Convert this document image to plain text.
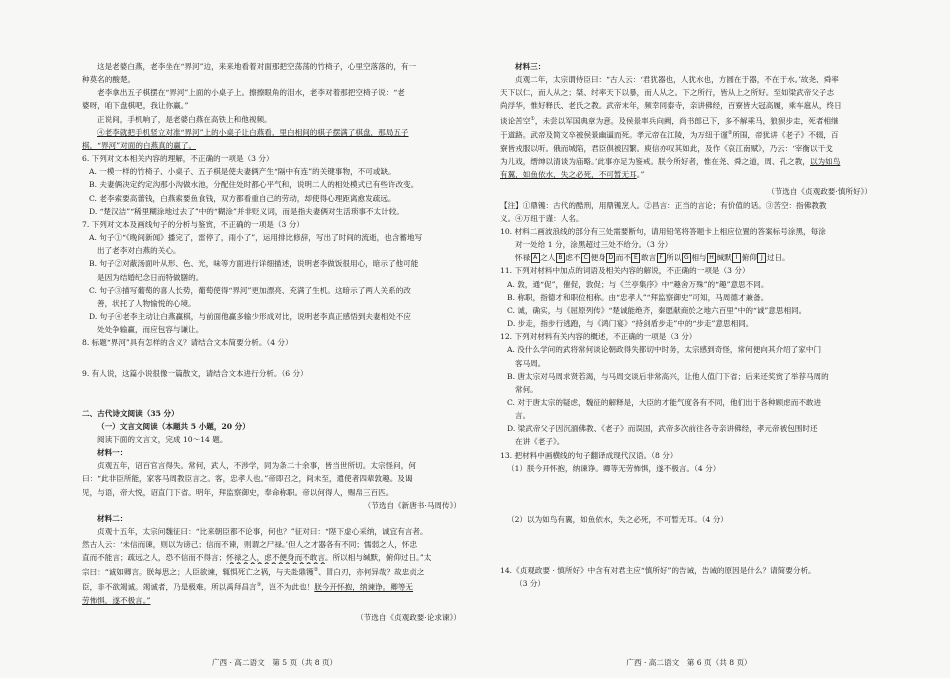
这是老婆白燕，老李坐在“界河”边，来来地看着对面那把空荡荡的竹椅子，心里空落落的，有一

种莫名的酸楚。

老李拿出五子棋摆在“界河”上面的小桌子上。擦擦眼角的泪水，老李对着那把空椅子说：“老

婆呀，咱下盘棋吧，我让你赢。”

正说间，手机响了，是老婆白燕在高铁上和他视频。

④老李就把手机竖立对准“界河”上的小桌子让白燕看，里白相间的棋子摆满了棋盘，那局五子

棋，“界河”对面的白燕真的赢了。

6. 下列对文本相关内容的理解，不正确的一项是（3 分）

A. 一模一样的竹椅子、小桌子、五子棋是使夫妻俩产生“隔中有连”的关键事物，不可或缺。

B. 夫妻俩决定约定沟那小沟做水池，分配住处时都心平气和，说明二人的相处模式已有些许改变。

C. 老李索要高蕾钱，白燕索要鱼食钱，双方都看重自己的劳动，却使得心理距离愈发疏远。

D. “楚汉洁”“稀里糊涂地过去了”中的“糊涂”并非贬义词，而是指夫妻俩对生活琐事不太计较。

7. 下列对文本及画线句子的分析与鉴赏，不正确的一项是（3 分）

A. 句子①“《晚间新闻》播完了，雷停了，雨小了”，运用排比修辞，写出了时间的流逝，也含蓄地写

出了老李对白燕的关心。

B. 句子②对蔽汤面叶从形、色、光，味等方面进行详细描述，说明老李做饭很用心，暗示了他可能

是因为结婚纪念日而特做膳的。

C. 句子③描写葡萄的喜人长势，葡萄使得“界河”更加漂亮、充满了生机。这暗示了两人关系的改

善，状托了人物愉悦的心境。

D. 句子④老李主动让白燕赢棋，与前面他赢多输少形成对比，说明老李真正感悟到夫妻相处不应

处处争输赢，而应包容与谦让。

8. 标题“界河”具有怎样的含义？请结合文本简要分析。（4 分）

9. 有人说，这篇小说很像一篇散文，请结合文本进行分析。（6 分）

二、古代诗文阅读（35 分）

（一）文言文阅读（本题共 5 小题，20 分）

阅读下面的文言文，完成 10～14 题。

材料一：

贞观五年，诏百官言得失。常何，武人，不涉学，同为条二十余事，皆当世所切。太宗怪问，何

曰：“此非臣所能，家客马周教臣言之。客，忠孝人也。”帝即召之，间未至，遣使者四辈敦趣。及谒

见，与语，帝大悦，诏直门下省。明年，拜监察御史，奉命称职。帝以何得人，赐帛三百匹。

（节选自《新唐书·马周传》）

材料二：

贞观十五年，太宗问魏征曰：“比来朝臣都不论事，何也？”征对曰：“陛下虚心采纳，诚宜有言者。

然古人云：‘未信而谏，则以为谤己；信而不谏，则谓之尸禄。’但人之才器各有不同；懦弱之人，怀忠

直而不能言；疏远之人，恐不信而不得言；怀禄之人，虑不便身而不敢言。所以相与缄默，俯仰过日。”太

宗曰：“诚如卿言。朕每思之；人臣欲谏，辄惧死亡之祸，与夫赴鼎镬②、冒白刃，亦何异哉？故忠贞之

臣，非不欲竭诚。竭诚者，乃是极难。所以禹拜昌言③，岂不为此也！朕今开怀抱，纳谏诤。卿等无

劳怖惧，遂不极言。”

（节选自《贞观政要·论求谏》）

广西 · 高二语文　第 5 页（共 8 页）

材料三：

贞观二年，太宗谓侍臣曰：“古人云：‘君犹器也，人犹水也，方圆在于器，不在于水。’故尧、舜率

天下以仁，而人从之；桀、纣率天下以暴，而人从之。下之所行，皆从上之所好。至如梁武帝父子志

尚浮华，惟好释氏、老氏之教。武帝末年，频幸同泰寺，亲讲佛经，百寮皆大冠高履，乘车扈从，终日

谈论苦空①，未尝以军国典章为意。及侯景率兵向阙，尚书郎已下，多不解乘马，狼狈步走，死者相继

于道路。武帝及简文卒被侯景幽逼而死。孝元帝在江陵，为万纽于谨②所围，帝犹讲《老子》不辍，百

寮皆戎服以听。俄而城陷，君臣俱被囚繁。庾信亦叹其如此，及作《哀江南赋》，乃云：‘宰衡以干戈

为儿戏，缙绅以清谈为庙略。’此事亦足为鉴戒。朕今所好者，惟在尧、舜之道，周、孔之教，以为如鸟

有翼，如鱼依水，失之必死，不可暂无耳。”

（节选自《贞观政要·慎所好》）

【注】①鼎镬：古代的酷刑，用鼎镬烹人。②昌言：正当的言论；有价值的话。③苦空：指佛教教

义。④万纽于谨：人名。

10. 材料二画波浪线的部分有三处需要断句，请用铅笔将答题卡上相应位置的答案标号涂黑，每涂

对一处给 1 分，涂黑超过三处不给分。（3 分）

怀禄 A 之人 B 虑不 C 便身 D 而不 E 敢言 F 所以 G 相与 H 缄默 I 俯仰 J 过日。

11. 下列对材料中加点的词语及相关内容的解说，不正确的一项是（3 分）

A. 敦，通“促”，催促，敦促；与《兰亭集序》中“趣舍万殊”的“趣”意思不同。

B. 称职，指德才和职位相称。由“忠孝人”“拜监察御史”可知，马周德才兼备。

C. 诚，确实，与《屈原列传》“楚诚能绝齐，秦愿献商於之地六百里”中的“诚”意思相同。

D. 步走，指步行逃跑，与《鸿门宴》“持剑盾步走”中的“步走”意思相同。

12. 下列对材料有关内容的概述，不正确的一项是（3 分）

A. 没什么学问的武将常何谈论朝政得失都切中时务，太宗感到奇怪，常何便向其介绍了家中门

客马周。

B. 唐太宗对马周求贤若渴，与马周交谈后非常高兴，让他人值门下省；后来还奖赏了举荐马周的

常何。

C. 对于唐太宗的疑虑，魏征的解释是，大臣的才能气度各有不同，他们出于各种顾虑而不敢进

言。

D. 梁武帝父子因沉湎佛教、《老子》而误国，武帝多次前往各寺亲讲佛经，孝元帝被包围时还

在讲《老子》。

13. 把材料中画横线的句子翻译成现代汉语。（8 分）

（1）朕今开怀抱，纳谏诤。卿等无劳怖惧，遂不极言。（4 分）

（2）以为如鸟有翼，如鱼依水，失之必死，不可暂无耳。（4 分）

14.《贞观政要 · 慎所好》中含有对君主应“慎所好”的告诫，告诫的原因是什么？请简要分析。

（3 分）

广西 · 高二语文　第 6 页（共 8 页）
